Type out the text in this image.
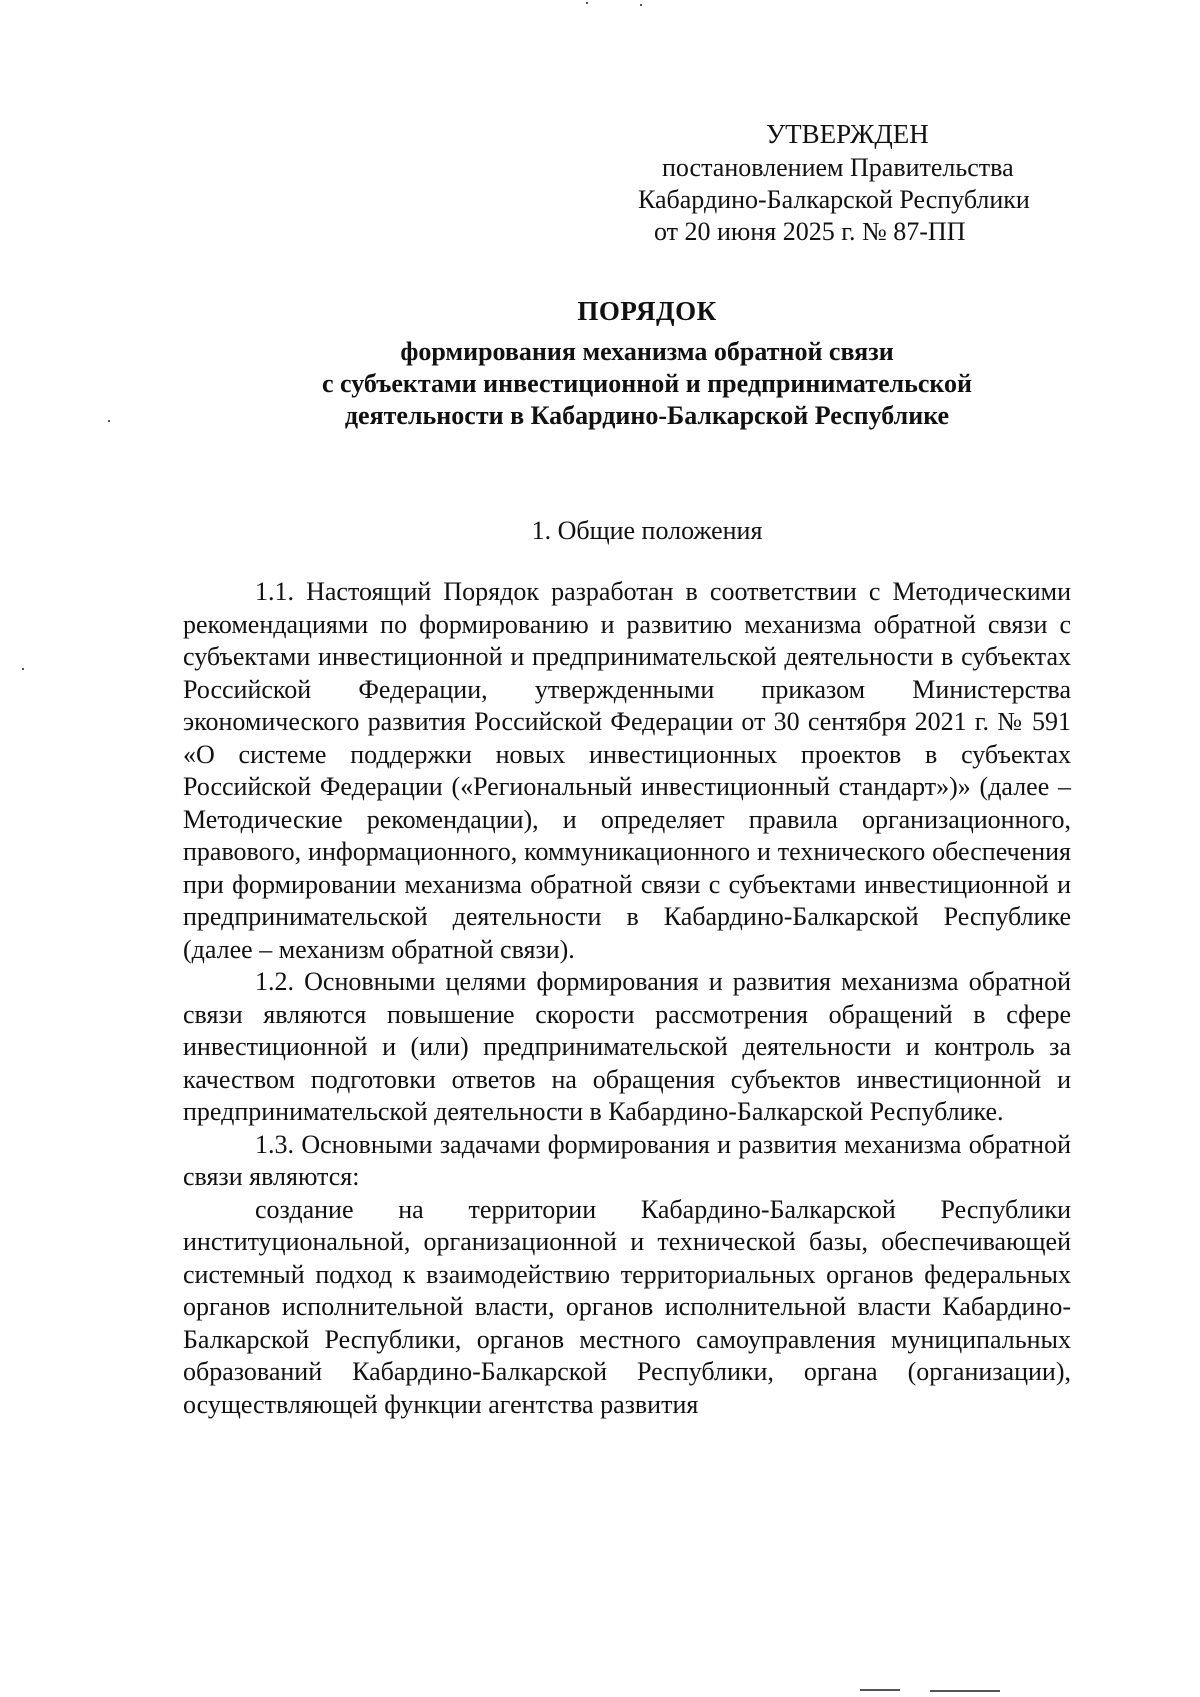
УТВЕРЖДЕН
постановлением Правительства
Кабардино-Балкарской Республики
от 20 июня 2025 г. № 87-ПП
ПОРЯДОК
формирования механизма обратной связи
с субъектами инвестиционной и предпринимательской
деятельности в Кабардино-Балкарской Республике
1. Общие положения

1.1. Настоящий Порядок разработан в соответствии с Методическими рекомендациями по формированию и развитию механизма обратной связи с субъектами инвестиционной и предпринимательской деятельности в субъектах Российской Федерации, утвержденными приказом Министерства экономического развития Российской Федерации от 30 сентября 2021 г. № 591 «О системе поддержки новых инвестиционных проектов в субъектах Российской Федерации («Региональный инвестиционный стандарт»)» (далее – Методические рекомендации), и определяет правила организационного, правового, информационного, коммуникационного и технического обеспечения при формировании механизма обратной связи с субъектами инвестиционной и предпринимательской деятельности в Кабардино-Балкарской Республике (далее – механизм обратной связи).

1.2. Основными целями формирования и развития механизма обратной связи являются повышение скорости рассмотрения обращений в сфере инвестиционной и (или) предпринимательской деятельности и контроль за качеством подготовки ответов на обращения субъектов инвестиционной и предпринимательской деятельности в Кабардино-Балкарской Республике.

1.3. Основными задачами формирования и развития механизма обратной связи являются:

создание на территории Кабардино-Балкарской Республики институциональной, организационной и технической базы, обеспечивающей системный подход к взаимодействию территориальных органов федеральных органов исполнительной власти, органов исполнительной власти Кабардино-Балкарской Республики, органов местного самоуправления муниципальных образований Кабардино-Балкарской Республики, органа (организации), осуществляющей функции агентства развития
